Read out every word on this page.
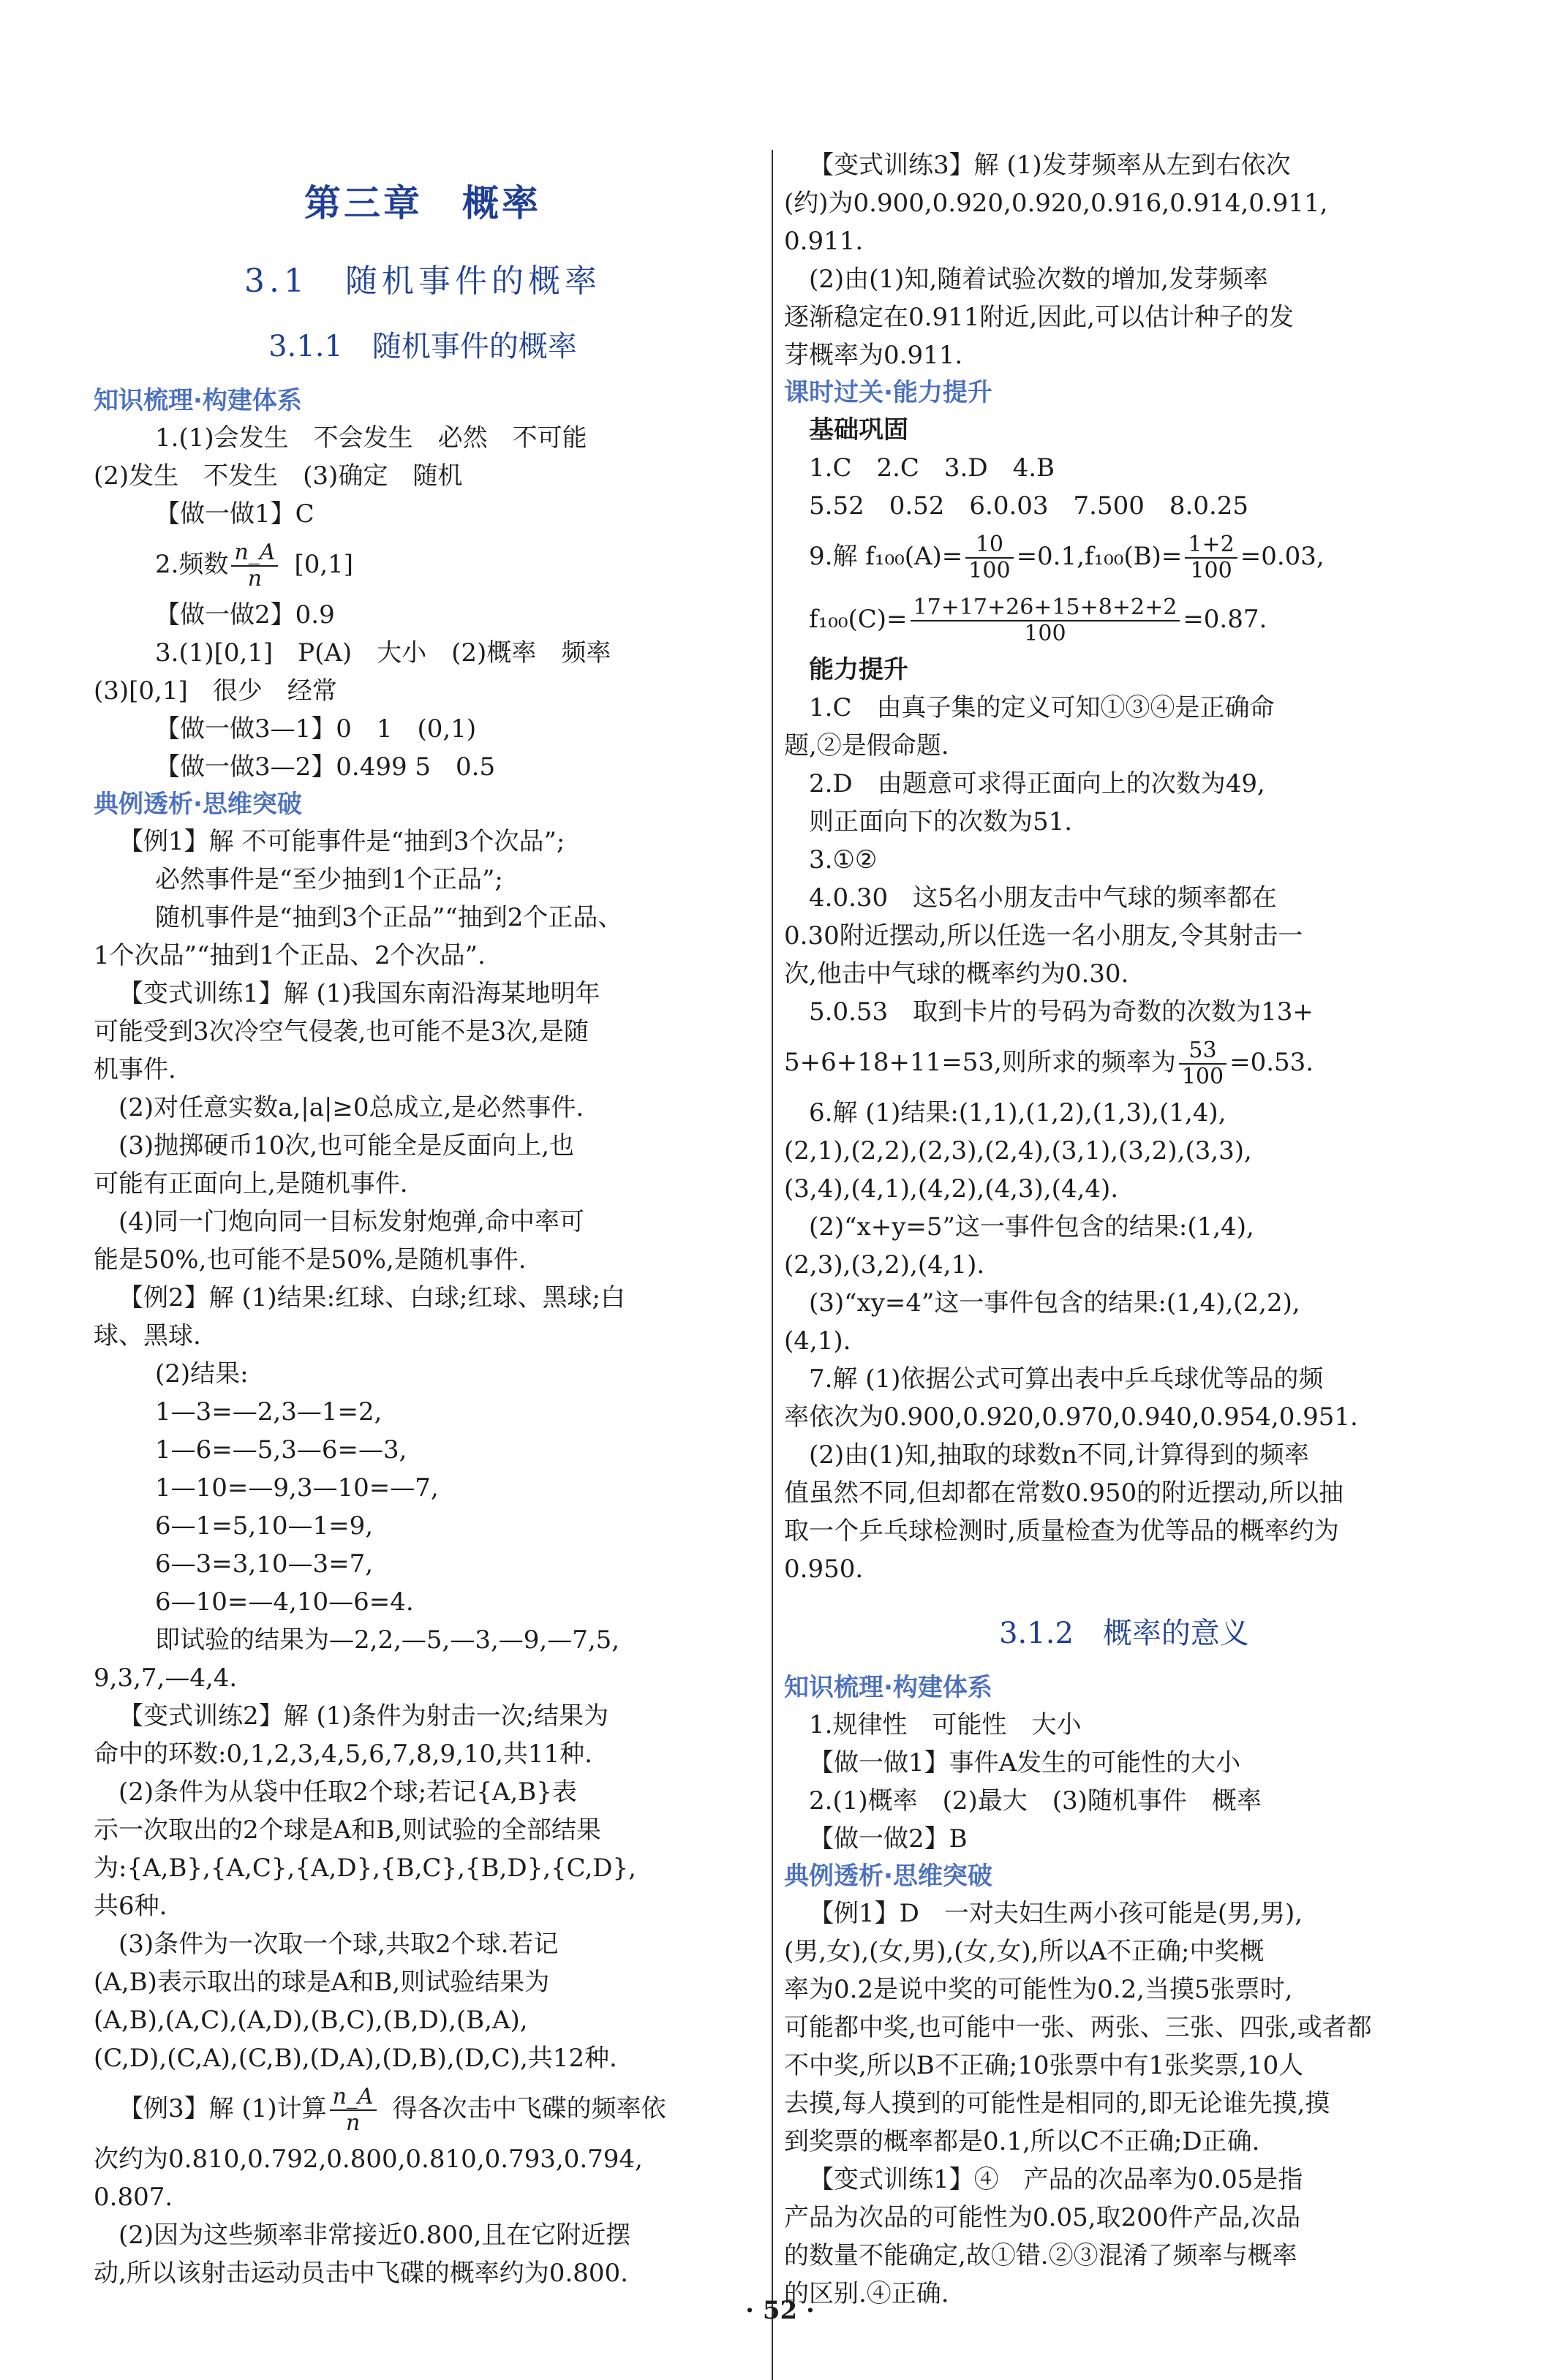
第三章　概率
3.1　随机事件的概率
3.1.1　随机事件的概率
知识梳理·构建体系
1.(1)会发生　不会发生　必然　不可能
(2)发生　不发生　(3)确定　随机
【做一做1】C
2.频数 $\frac{n\_A}{n} [0,1]$
【做一做2】0.9
3.(1)[0,1]　P(A)　大小　(2)概率　频率
(3)[0,1]　很少　经常
【做一做3—1】0　1　(0,1)
【做一做3—2】0.499 5　0.5
典例透析·思维突破
【例1】解 不可能事件是“抽到3个次品”;
必然事件是“至少抽到1个正品”;
随机事件是“抽到3个正品”“抽到2个正品、
1个次品”“抽到1个正品、2个次品”.
【变式训练1】解 (1)我国东南沿海某地明年
可能受到3次冷空气侵袭,也可能不是3次,是随
机事件.
(2)对任意实数a,|a|≥0总成立,是必然事件.
(3)抛掷硬币10次,也可能全是反面向上,也
可能有正面向上,是随机事件.
(4)同一门炮向同一目标发射炮弹,命中率可
能是50%,也可能不是50%,是随机事件.
【例2】解 (1)结果:红球、白球;红球、黑球;白
球、黑球.
(2)结果:
1—3=—2,3—1=2,
1—6=—5,3—6=—3,
1—10=—9,3—10=—7,
6—1=5,10—1=9,
6—3=3,10—3=7,
6—10=—4,10—6=4.
即试验的结果为—2,2,—5,—3,—9,—7,5,
9,3,7,—4,4.
【变式训练2】解 (1)条件为射击一次;结果为
命中的环数:0,1,2,3,4,5,6,7,8,9,10,共11种.
(2)条件为从袋中任取2个球;若记{A,B}表
示一次取出的2个球是A和B,则试验的全部结果
为:{A,B},{A,C},{A,D},{B,C},{B,D},{C,D},
共6种.
(3)条件为一次取一个球,共取2个球.若记
(A,B)表示取出的球是A和B,则试验结果为
(A,B),(A,C),(A,D),(B,C),(B,D),(B,A),
(C,D),(C,A),(C,B),(D,A),(D,B),(D,C),共12种.
【例3】解 (1)计算 $\frac{n\_A}{n}$ 得各次击中飞碟的频率依
次约为0.810,0.792,0.800,0.810,0.793,0.794,
0.807.
(2)因为这些频率非常接近0.800,且在它附近摆
动,所以该射击运动员击中飞碟的概率约为0.800.
【变式训练3】解 (1)发芽频率从左到右依次
(约)为0.900,0.920,0.920,0.916,0.914,0.911,
0.911.
(2)由(1)知,随着试验次数的增加,发芽频率
逐渐稳定在0.911附近,因此,可以估计种子的发
芽概率为0.911.
课时过关·能力提升
基础巩固
1.C　2.C　3.D　4.B
5.52　0.52　6.0.03　7.500　8.0.25
9.解 $f_{100}(A)= \frac{10}{100} =0.1,f_{100}(B)= \frac{1+2}{100} =0.03$,
$f_{100}(C)= \frac{17+17+26+15+8+2+2}{100} =0.87$.
能力提升
1.C　由真子集的定义可知①③④是正确命
题,②是假命题.
2.D　由题意可求得正面向上的次数为49,
则正面向下的次数为51.
3.①②
4.0.30　这5名小朋友击中气球的频率都在
0.30附近摆动,所以任选一名小朋友,令其射击一
次,他击中气球的概率约为0.30.
5.0.53　取到卡片的号码为奇数的次数为13+
5+6+18+11=53,则所求的频率为 $\frac{53}{100} =0.53$.
6.解 (1)结果:(1,1),(1,2),(1,3),(1,4),
(2,1),(2,2),(2,3),(2,4),(3,1),(3,2),(3,3),
(3,4),(4,1),(4,2),(4,3),(4,4).
(2)“x+y=5”这一事件包含的结果:(1,4),
(2,3),(3,2),(4,1).
(3)“xy=4”这一事件包含的结果:(1,4),(2,2),
(4,1).
7.解 (1)依据公式可算出表中乒乓球优等品的频
率依次为0.900,0.920,0.970,0.940,0.954,0.951.
(2)由(1)知,抽取的球数n不同,计算得到的频率
值虽然不同,但却都在常数0.950的附近摆动,所以抽
取一个乒乓球检测时,质量检查为优等品的概率约为
0.950.
3.1.2　概率的意义
知识梳理·构建体系
1.规律性　可能性　大小
【做一做1】事件A发生的可能性的大小
2.(1)概率　(2)最大　(3)随机事件　概率
【做一做2】B
典例透析·思维突破
【例1】D　一对夫妇生两小孩可能是(男,男),
(男,女),(女,男),(女,女),所以A不正确;中奖概
率为0.2是说中奖的可能性为0.2,当摸5张票时,
可能都中奖,也可能中一张、两张、三张、四张,或者都
不中奖,所以B不正确;10张票中有1张奖票,10人
去摸,每人摸到的可能性是相同的,即无论谁先摸,摸
到奖票的概率都是0.1,所以C不正确;D正确.
【变式训练1】④　产品的次品率为0.05是指
产品为次品的可能性为0.05,取200件产品,次品
的数量不能确定,故①错.②③混淆了频率与概率
的区别.④正确.
· 52 ·
